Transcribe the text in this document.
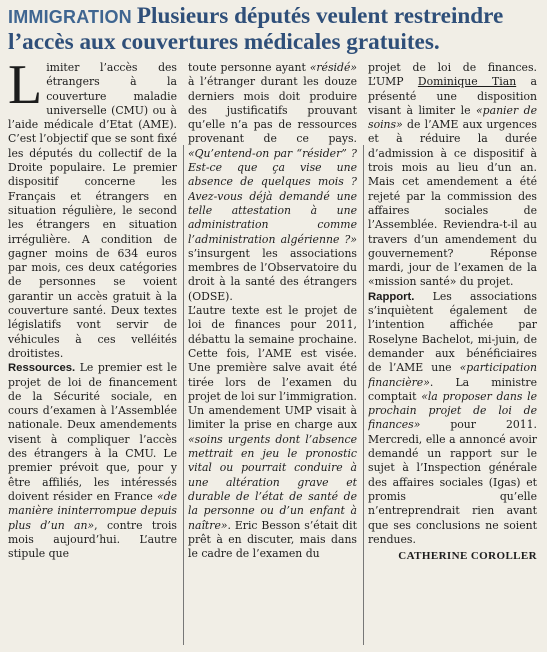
IMMIGRATION Plusieurs députés veulent restreindre l’accès aux couvertures médicales gratuites.

Limiter l’accès des étrangers à la couverture maladie universelle (CMU) ou à l’aide médicale d’Etat (AME). C’est l’objectif que se sont fixé les députés du collectif de la Droite populaire. Le premier dispositif concerne les Français et étrangers en situation régulière, le second les étrangers en situation irrégulière. A condition de gagner moins de 634 euros par mois, ces deux catégories de personnes se voient garantir un accès gratuit à la couverture santé. Deux textes législatifs vont servir de véhicules à ces velléités droitistes.

Ressources. Le premier est le projet de loi de financement de la Sécurité sociale, en cours d’examen à l’Assemblée nationale. Deux amendements visent à compliquer l’accès des étrangers à la CMU. Le premier prévoit que, pour y être affiliés, les intéressés doivent résider en France «de manière ininterrompue depuis plus d’un an», contre trois mois aujourd’hui. L’autre stipule que

toute personne ayant «résidé» à l’étranger durant les douze derniers mois doit produire des justificatifs prouvant qu’elle n’a pas de ressources provenant de ce pays. «Qu’entend-on par “résider” ? Est-ce que ça vise une absence de quelques mois ? Avez-vous déjà demandé une telle attestation à une administration comme l’administration algérienne ?» s’insurgent les associations membres de l’Observatoire du droit à la santé des étrangers (ODSE).

L’autre texte est le projet de loi de finances pour 2011, débattu la semaine prochaine. Cette fois, l’AME est visée. Une première salve avait été tirée lors de l’examen du projet de loi sur l’immigration. Un amendement UMP visait à limiter la prise en charge aux «soins urgents dont l’absence mettrait en jeu le pronostic vital ou pourrait conduire à une altération grave et durable de l’état de santé de la personne ou d’un enfant à naître». Eric Besson s’était dit prêt à en discuter, mais dans le cadre de l’examen du

projet de loi de finances. L’UMP Dominique Tian a présenté une disposition visant à limiter le «panier de soins» de l’AME aux urgences et à réduire la durée d’admission à ce dispositif à trois mois au lieu d’un an. Mais cet amendement a été rejeté par la commission des affaires sociales de l’Assemblée. Reviendra-t-il au travers d’un amendement du gouvernement? Réponse mardi, jour de l’examen de la «mission santé» du projet.

Rapport. Les associations s’inquiètent également de l’intention affichée par Roselyne Bachelot, mi-juin, de demander aux bénéficiaires de l’AME une «participation financière». La ministre comptait «la proposer dans le prochain projet de loi de finances» pour 2011. Mercredi, elle a annoncé avoir demandé un rapport sur le sujet à l’Inspection générale des affaires sociales (Igas) et promis qu’elle n’entreprendrait rien avant que ses conclusions ne soient rendues.

CATHERINE COROLLER
